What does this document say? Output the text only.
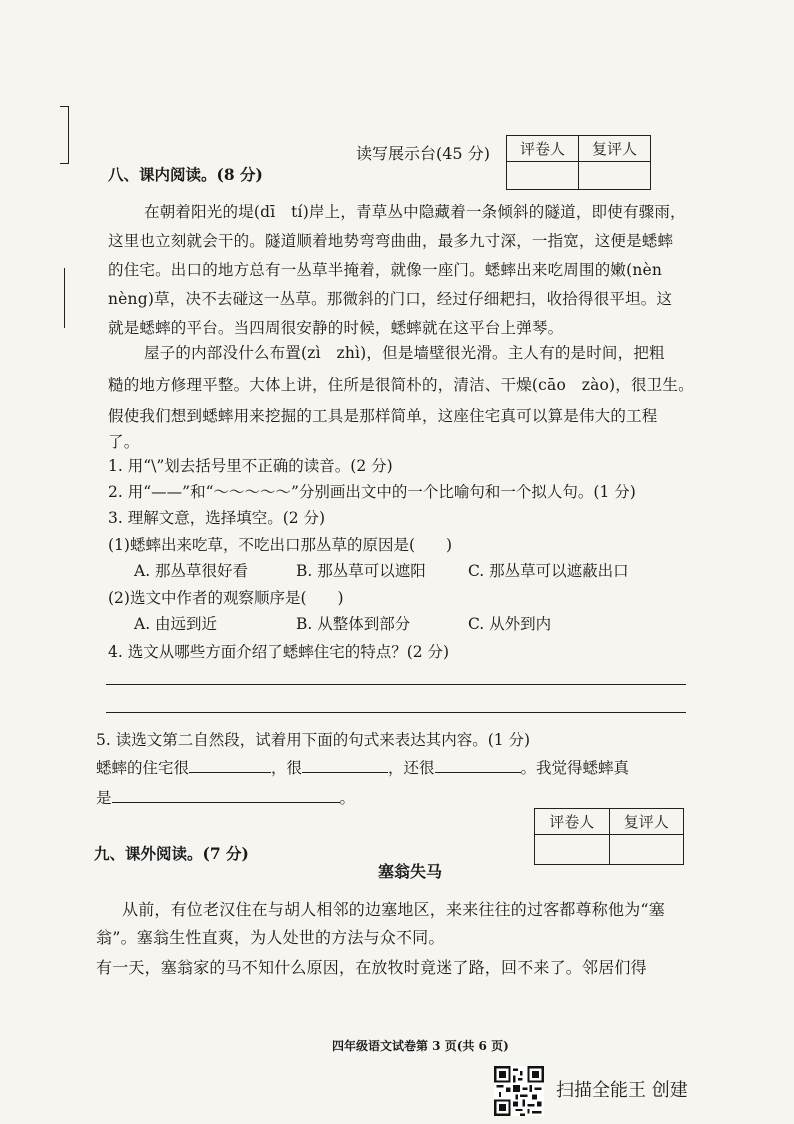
读写展示台(45 分) 评卷人	复评人

八、课内阅读。(8 分)
在朝着阳光的堤(dī　tí)岸上，青草丛中隐藏着一条倾斜的隧道，即使有骤雨，
这里也立刻就会干的。隧道顺着地势弯弯曲曲，最多九寸深，一指宽，这便是蟋蟀
的住宅。出口的地方总有一丛草半掩着，就像一座门。蟋蟀出来吃周围的嫩(nèn
nèng)草，决不去碰这一丛草。那微斜的门口，经过仔细耙扫，收拾得很平坦。这
就是蟋蟀的平台。当四周很安静的时候，蟋蟀就在这平台上弹琴。
屋子的内部没什么布置(zì　zhì)，但是墙壁很光滑。主人有的是时间，把粗
糙的地方修理平整。大体上讲，住所是很简朴的，清洁、干燥(cāo　zào)，很卫生。
假使我们想到蟋蟀用来挖掘的工具是那样简单，这座住宅真可以算是伟大的工程
了。
1. 用“\”划去括号里不正确的读音。(2 分)
2. 用“——”和“～～～～～”分别画出文中的一个比喻句和一个拟人句。(1 分)
3. 理解文意，选择填空。(2 分)
(1)蟋蟀出来吃草，不吃出口那丛草的原因是(　　)
A. 那丛草很好看	B. 那丛草可以遮阳	C. 那丛草可以遮蔽出口
(2)选文中作者的观察顺序是(　　)
A. 由远到近	B. 从整体到部分	C. 从外到内
4. 选文从哪些方面介绍了蟋蟀住宅的特点？(2 分)
5. 读选文第二自然段，试着用下面的句式来表达其内容。(1 分)
蟋蟀的住宅很	，很	，还很	。我觉得蟋蟀真
是	。
评卷人	复评人

九、课外阅读。(7 分)
塞翁失马
从前，有位老汉住在与胡人相邻的边塞地区，来来往往的过客都尊称他为“塞
翁”。塞翁生性直爽，为人处世的方法与众不同。
有一天，塞翁家的马不知什么原因，在放牧时竟迷了路，回不来了。邻居们得
四年级语文试卷第 3 页(共 6 页)
扫描全能王 创建
